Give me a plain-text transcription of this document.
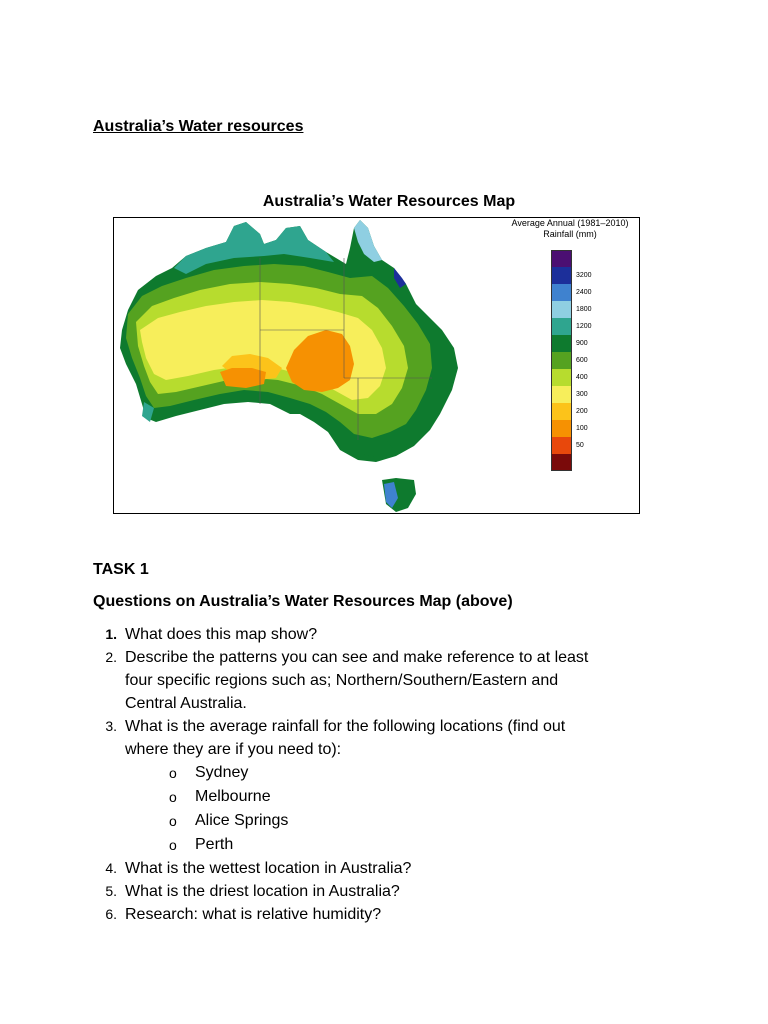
Australia’s Water resources
Australia’s Water Resources Map
Average Annual (1981–2010)
Rainfall (mm)
3200
2400
1800
1200
900
600
400
300
200
100
50
TASK 1
Questions on Australia’s Water Resources Map (above)
1. What does this map show?
2. Describe the patterns you can see and make reference to at least
four specific regions such as; Northern/Southern/Eastern and
Central Australia.
3. What is the average rainfall for the following locations (find out
where they are if you need to):
o Sydney
o Melbourne
o Alice Springs
o Perth
4. What is the wettest location in Australia?
5. What is the driest location in Australia?
6. Research: what is relative humidity?
